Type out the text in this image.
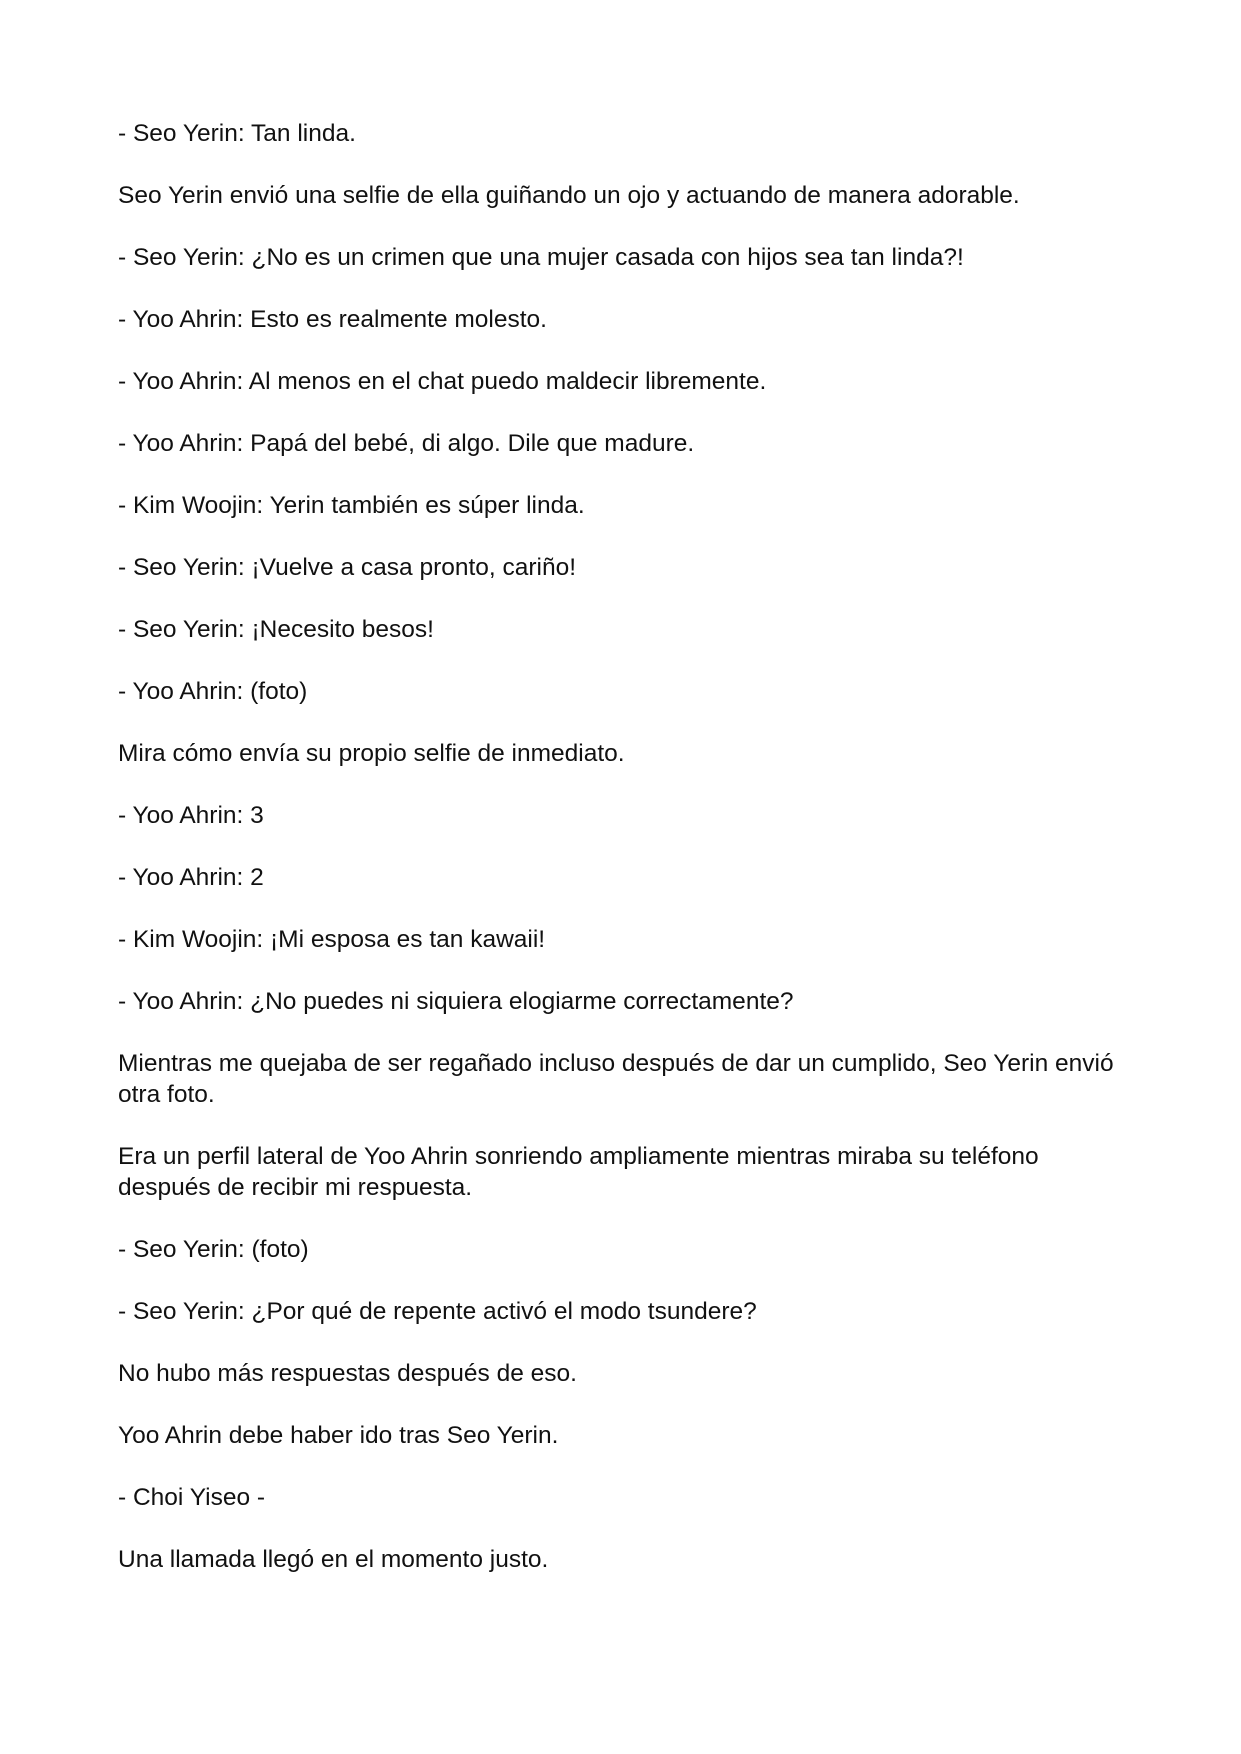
- Seo Yerin: Tan linda.

Seo Yerin envió una selfie de ella guiñando un ojo y actuando de manera adorable.

- Seo Yerin: ¿No es un crimen que una mujer casada con hijos sea tan linda?!

- Yoo Ahrin: Esto es realmente molesto.

- Yoo Ahrin: Al menos en el chat puedo maldecir libremente.

- Yoo Ahrin: Papá del bebé, di algo. Dile que madure.

- Kim Woojin: Yerin también es súper linda.

- Seo Yerin: ¡Vuelve a casa pronto, cariño!

- Seo Yerin: ¡Necesito besos!

- Yoo Ahrin: (foto)

Mira cómo envía su propio selfie de inmediato.

- Yoo Ahrin: 3

- Yoo Ahrin: 2

- Kim Woojin: ¡Mi esposa es tan kawaii!

- Yoo Ahrin: ¿No puedes ni siquiera elogiarme correctamente?

Mientras me quejaba de ser regañado incluso después de dar un cumplido, Seo Yerin envió otra foto.

Era un perfil lateral de Yoo Ahrin sonriendo ampliamente mientras miraba su teléfono después de recibir mi respuesta.

- Seo Yerin: (foto)

- Seo Yerin: ¿Por qué de repente activó el modo tsundere?

No hubo más respuestas después de eso.

Yoo Ahrin debe haber ido tras Seo Yerin.

- Choi Yiseo -

Una llamada llegó en el momento justo.
